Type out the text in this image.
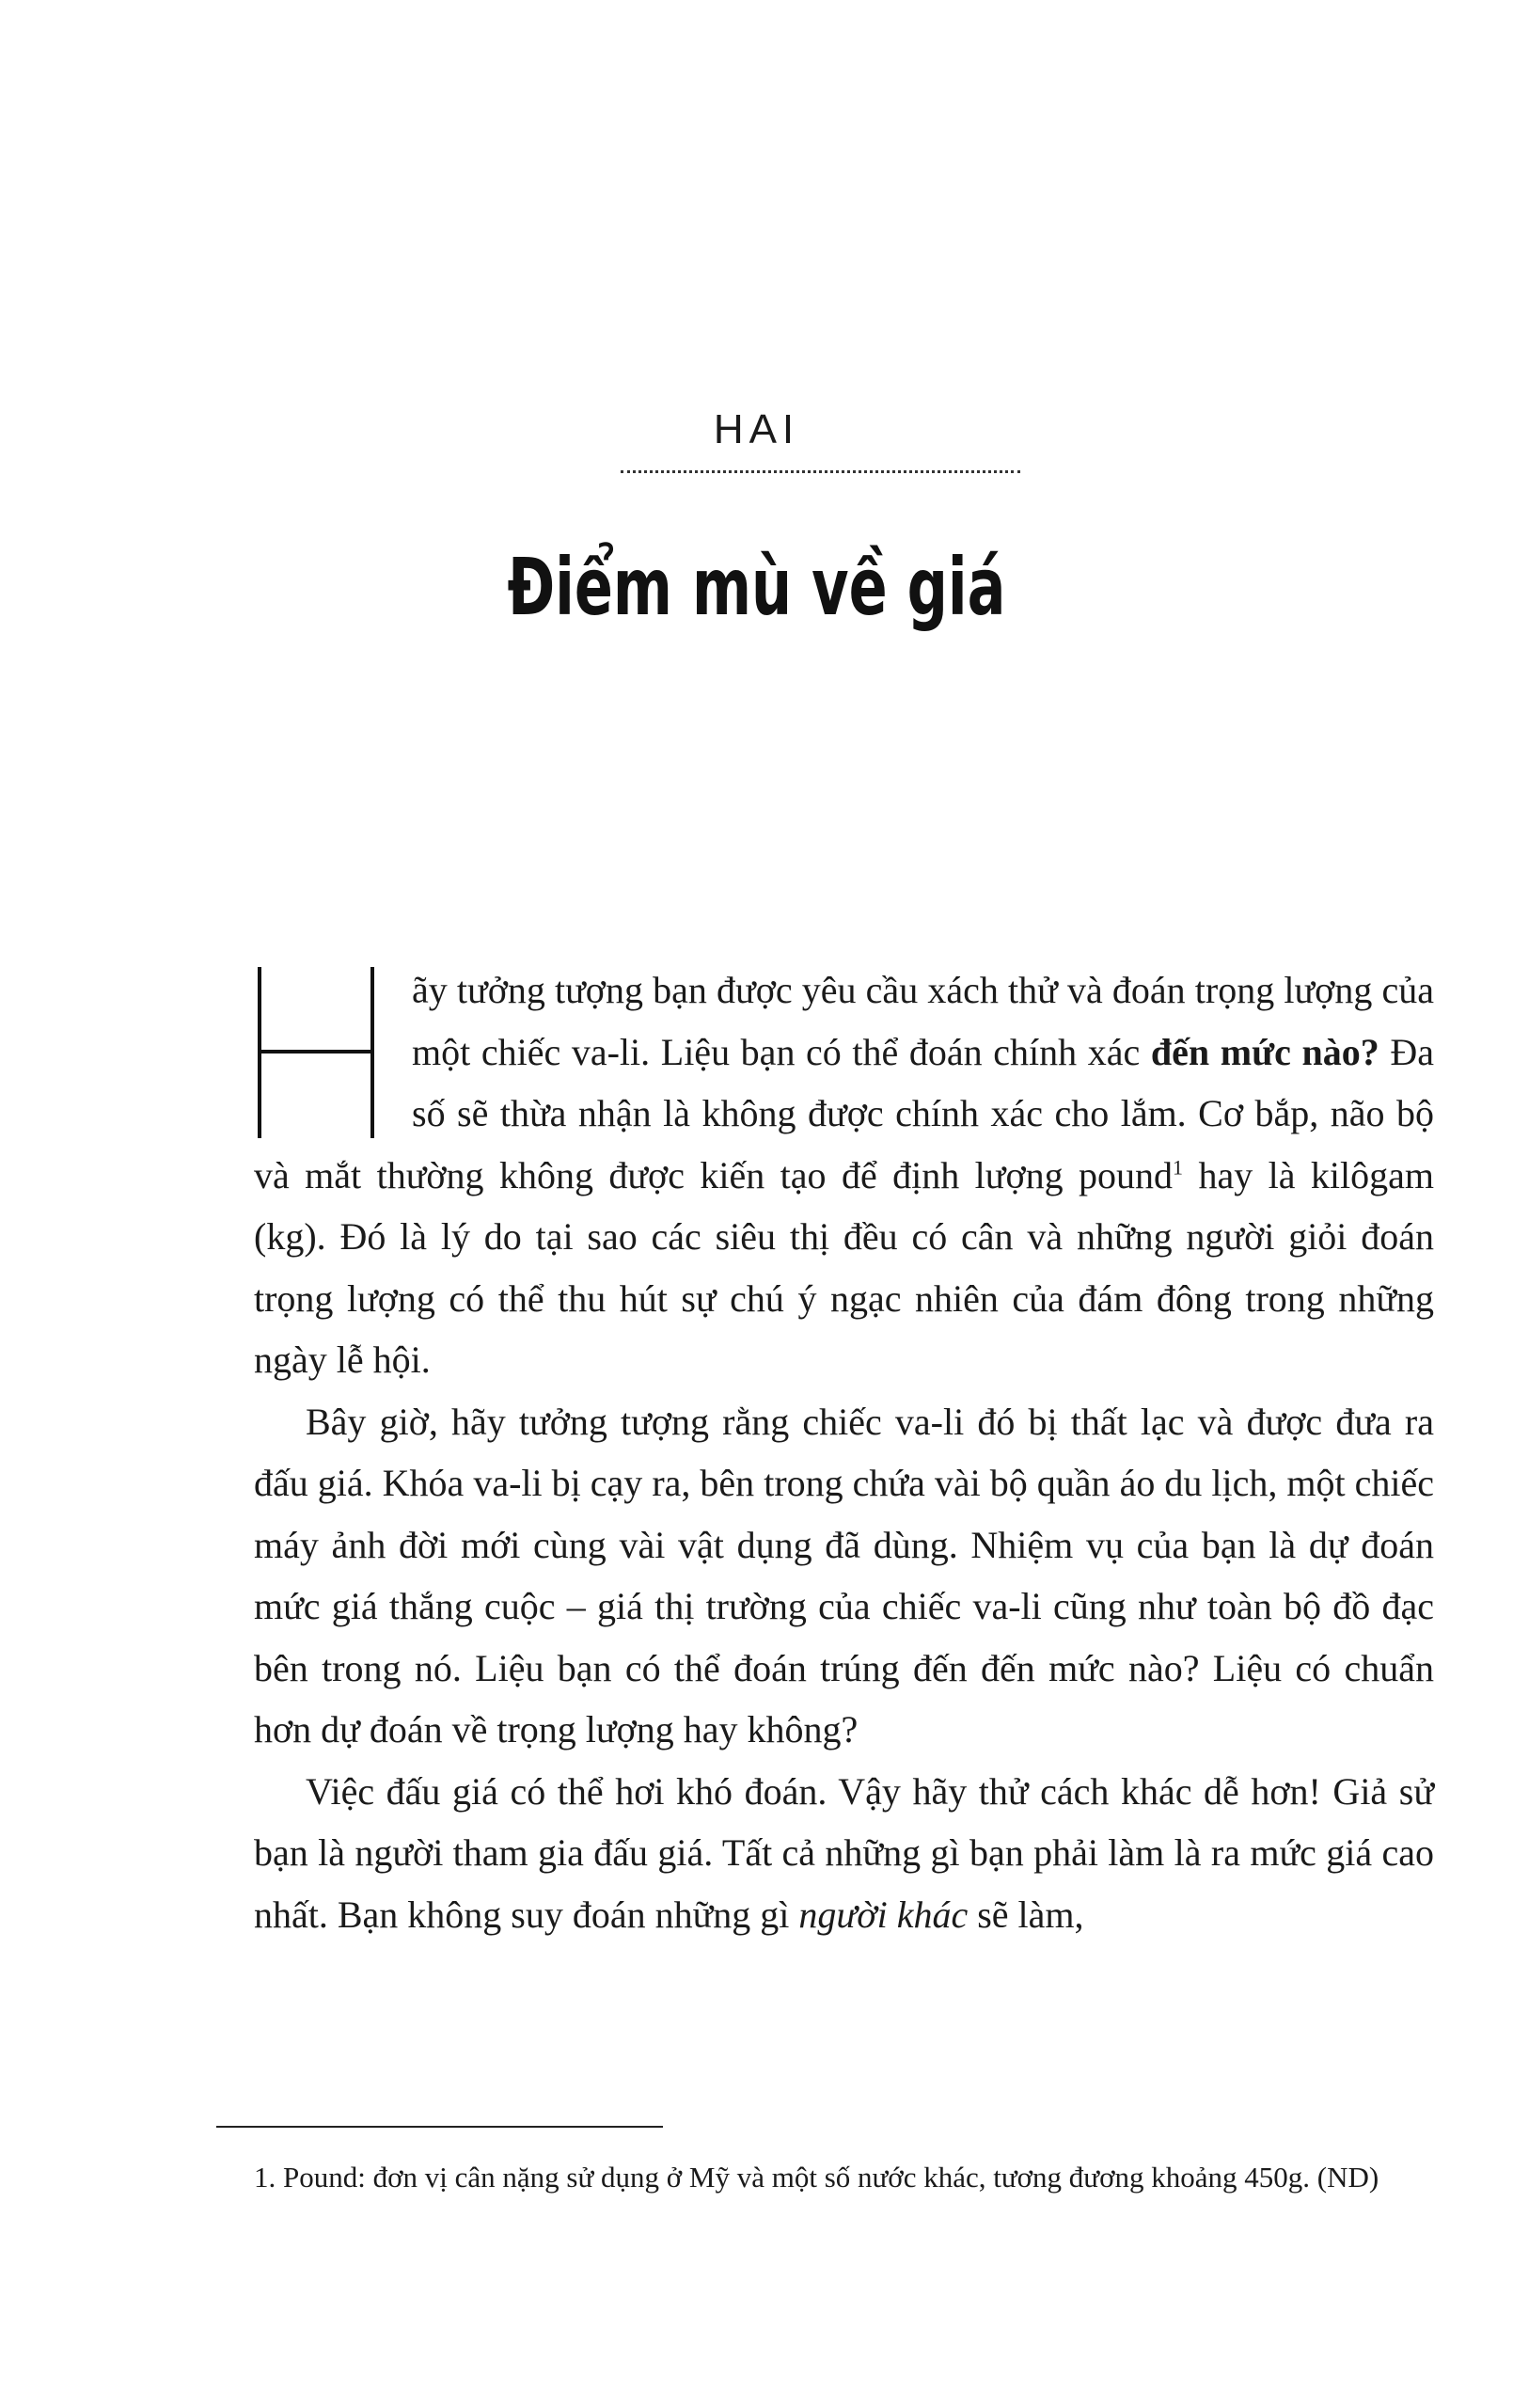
HAI
Điểm mù về giá

ãy tưởng tượng bạn được yêu cầu xách thử và đoán trọng lượng của một chiếc va-li. Liệu bạn có thể đoán chính xác đến mức nào? Đa số sẽ thừa nhận là không được chính xác cho lắm. Cơ bắp, não bộ và mắt thường không được kiến tạo để định lượng pound$^1$ hay là kilôgam (kg). Đó là lý do tại sao các siêu thị đều có cân và những người giỏi đoán trọng lượng có thể thu hút sự chú ý ngạc nhiên của đám đông trong những ngày lễ hội.

Bây giờ, hãy tưởng tượng rằng chiếc va-li đó bị thất lạc và được đưa ra đấu giá. Khóa va-li bị cạy ra, bên trong chứa vài bộ quần áo du lịch, một chiếc máy ảnh đời mới cùng vài vật dụng đã dùng. Nhiệm vụ của bạn là dự đoán mức giá thắng cuộc – giá thị trường của chiếc va-li cũng như toàn bộ đồ đạc bên trong nó. Liệu bạn có thể đoán trúng đến đến mức nào? Liệu có chuẩn hơn dự đoán về trọng lượng hay không?

Việc đấu giá có thể hơi khó đoán. Vậy hãy thử cách khác dễ hơn! Giả sử bạn là người tham gia đấu giá. Tất cả những gì bạn phải làm là ra mức giá cao nhất. Bạn không suy đoán những gì người khác sẽ làm,

1. Pound: đơn vị cân nặng sử dụng ở Mỹ và một số nước khác, tương đương khoảng 450g. (ND)
